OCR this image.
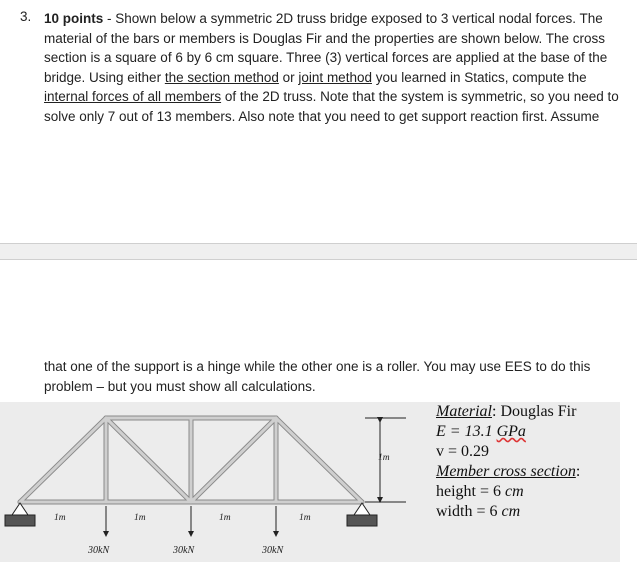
3. 10 points - Shown below a symmetric 2D truss bridge exposed to 3 vertical nodal forces. The material of the bars or members is Douglas Fir and the properties are shown below. The cross section is a square of 6 by 6 cm square. Three (3) vertical forces are applied at the base of the bridge. Using either the section method or joint method you learned in Statics, compute the internal forces of all members of the 2D truss. Note that the system is symmetric, so you need to solve only 7 out of 13 members. Also note that you need to get support reaction first. Assume
that one of the support is a hinge while the other one is a roller. You may use EES to do this problem – but you must show all calculations.
1m
1m	1m	1m	1m
30kN	30kN	30kN
Material: Douglas Fir
E = 13.1 GPa
v = 0.29
Member cross section:
height = 6 cm
width = 6 cm
